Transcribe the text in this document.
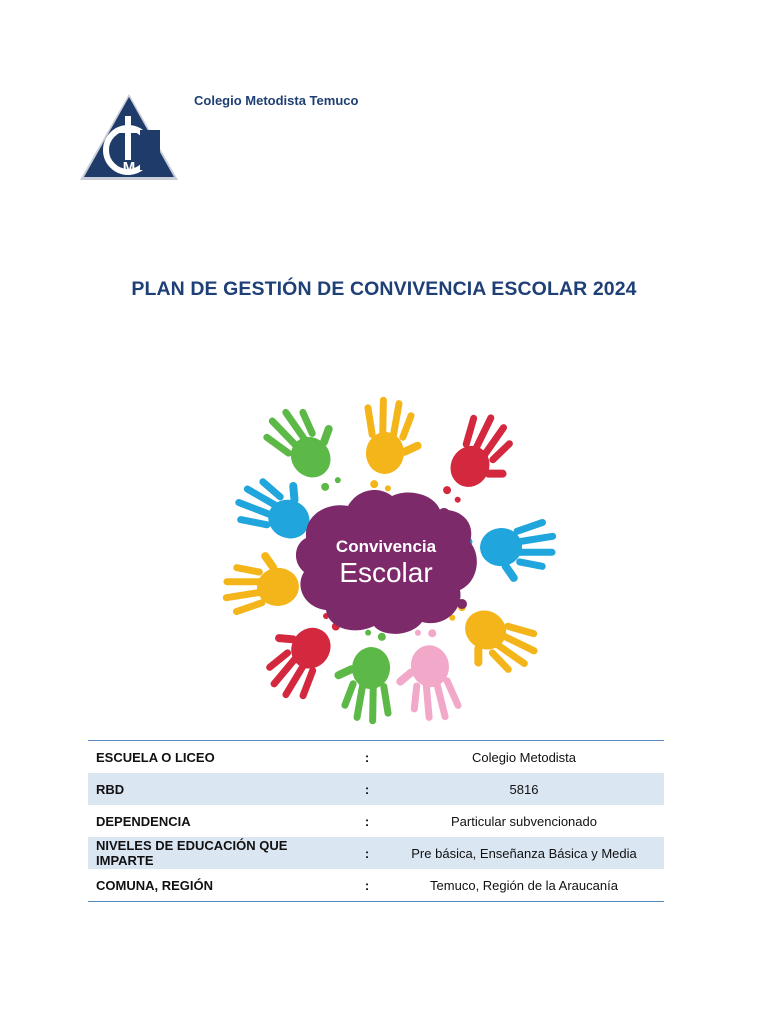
M
Colegio Metodista Temuco
PLAN DE GESTIÓN DE CONVIVENCIA ESCOLAR 2024
Convivencia
Escolar
ESCUELA O LICEO	:	Colegio Metodista
RBD	:	5816
DEPENDENCIA	:	Particular subvencionado
NIVELES DE EDUCACIÓN QUE IMPARTE	:	Pre básica, Enseñanza Básica y Media
COMUNA, REGIÓN	:	Temuco, Región de la Araucanía
